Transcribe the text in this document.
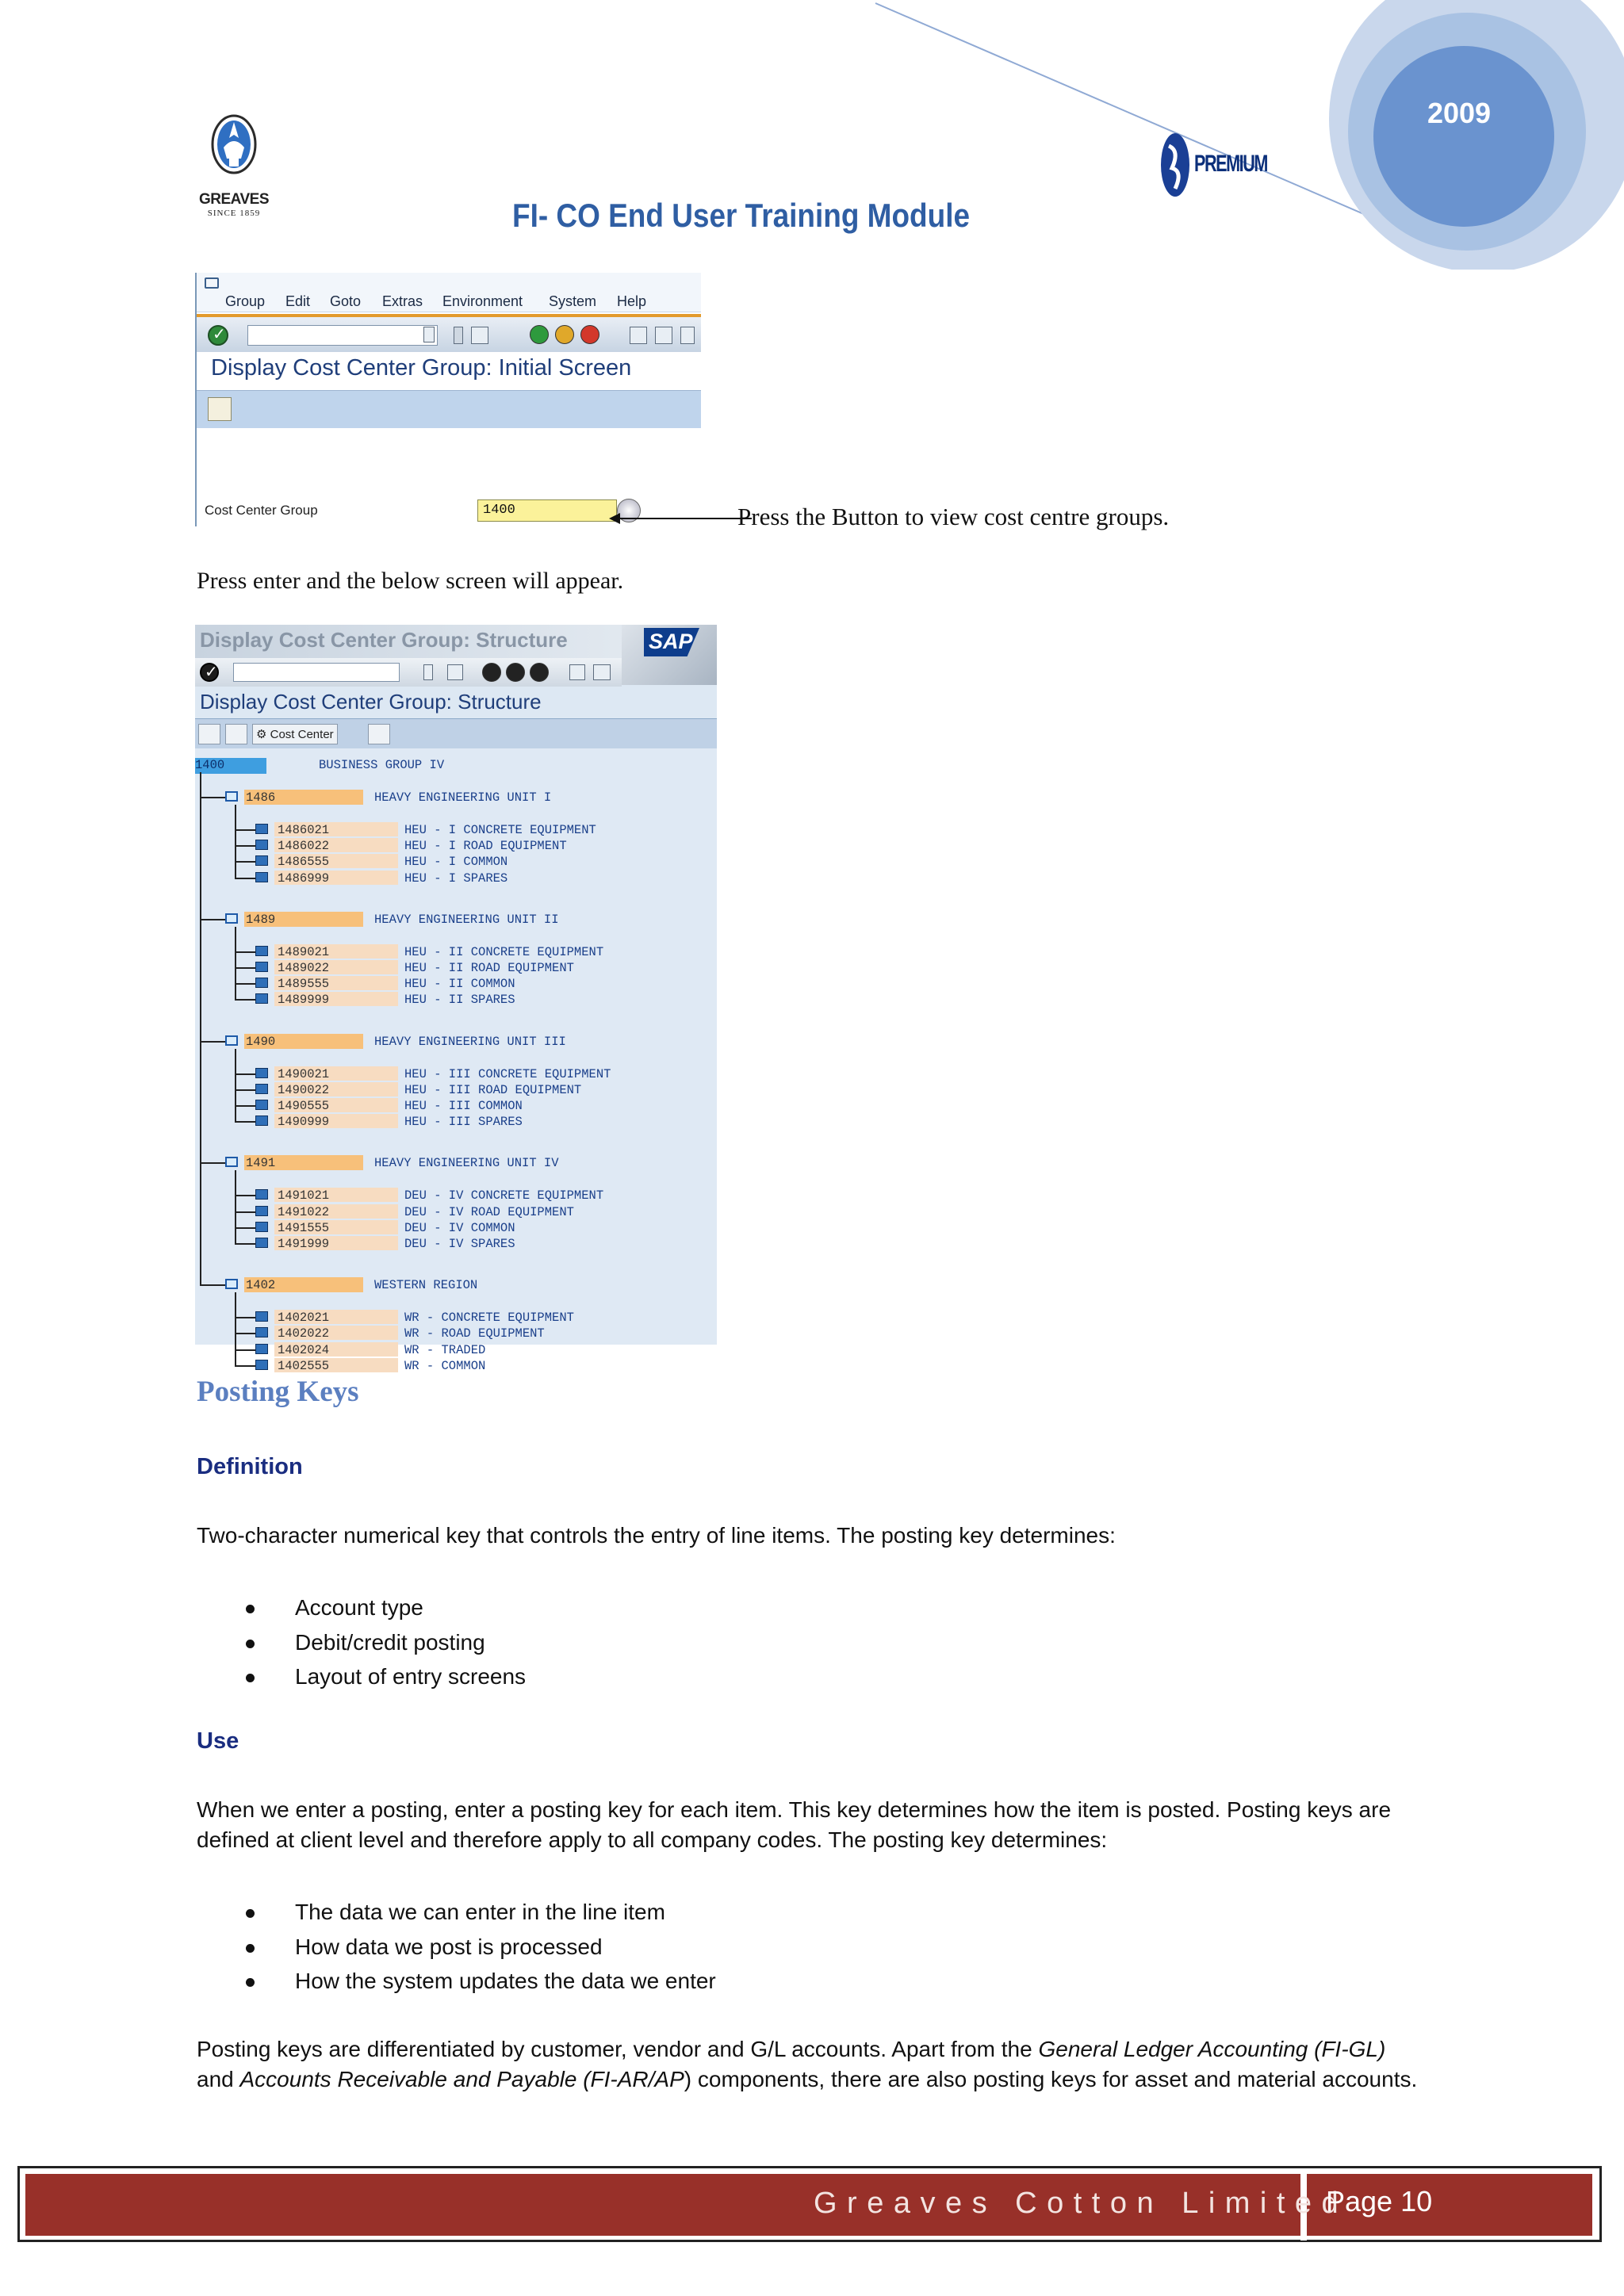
2009
GREAVES
SINCE 1859
PREMIUM
FI- CO End User Training Module
Group Edit Goto Extras Environment System Help
✓
Display Cost Center Group: Initial Screen
Cost Center Group	1400	Press the Button to view cost centre groups.
Press enter and the below screen will appear.
Display Cost Center Group: Structure	SAP
✓
Display Cost Center Group: Structure
⚙ Cost Center
1400	BUSINESS GROUP IV
1486	HEAVY ENGINEERING UNIT I
1486021	HEU - I CONCRETE EQUIPMENT
1486022	HEU - I ROAD EQUIPMENT
1486555	HEU - I COMMON
1486999	HEU - I SPARES
1489	HEAVY ENGINEERING UNIT II
1489021	HEU - II CONCRETE EQUIPMENT
1489022	HEU - II ROAD EQUIPMENT
1489555	HEU - II COMMON
1489999	HEU - II SPARES
1490	HEAVY ENGINEERING UNIT III
1490021	HEU - III CONCRETE EQUIPMENT
1490022	HEU - III ROAD EQUIPMENT
1490555	HEU - III COMMON
1490999	HEU - III SPARES
1491	HEAVY ENGINEERING UNIT IV
1491021	DEU - IV CONCRETE EQUIPMENT
1491022	DEU - IV ROAD EQUIPMENT
1491555	DEU - IV COMMON
1491999	DEU - IV SPARES
1402	WESTERN REGION
1402021	WR - CONCRETE EQUIPMENT
1402022	WR - ROAD EQUIPMENT
1402024	WR - TRADED
1402555	WR - COMMON
Posting Keys
Definition
Two-character numerical key that controls the entry of line items. The posting key determines:
Account type
Debit/credit posting
Layout of entry screens
Use
When we enter a posting, enter a posting key for each item. This key determines how the item is posted. Posting keys are
defined at client level and therefore apply to all company codes. The posting key determines:
The data we can enter in the line item
How data we post is processed
How the system updates the data we enter
Posting keys are differentiated by customer, vendor and G/L accounts. Apart from the General Ledger Accounting (FI-GL)
and Accounts Receivable and Payable (FI-AR/AP) components, there are also posting keys for asset and material accounts.
Greaves Cotton Limited
Page 10
